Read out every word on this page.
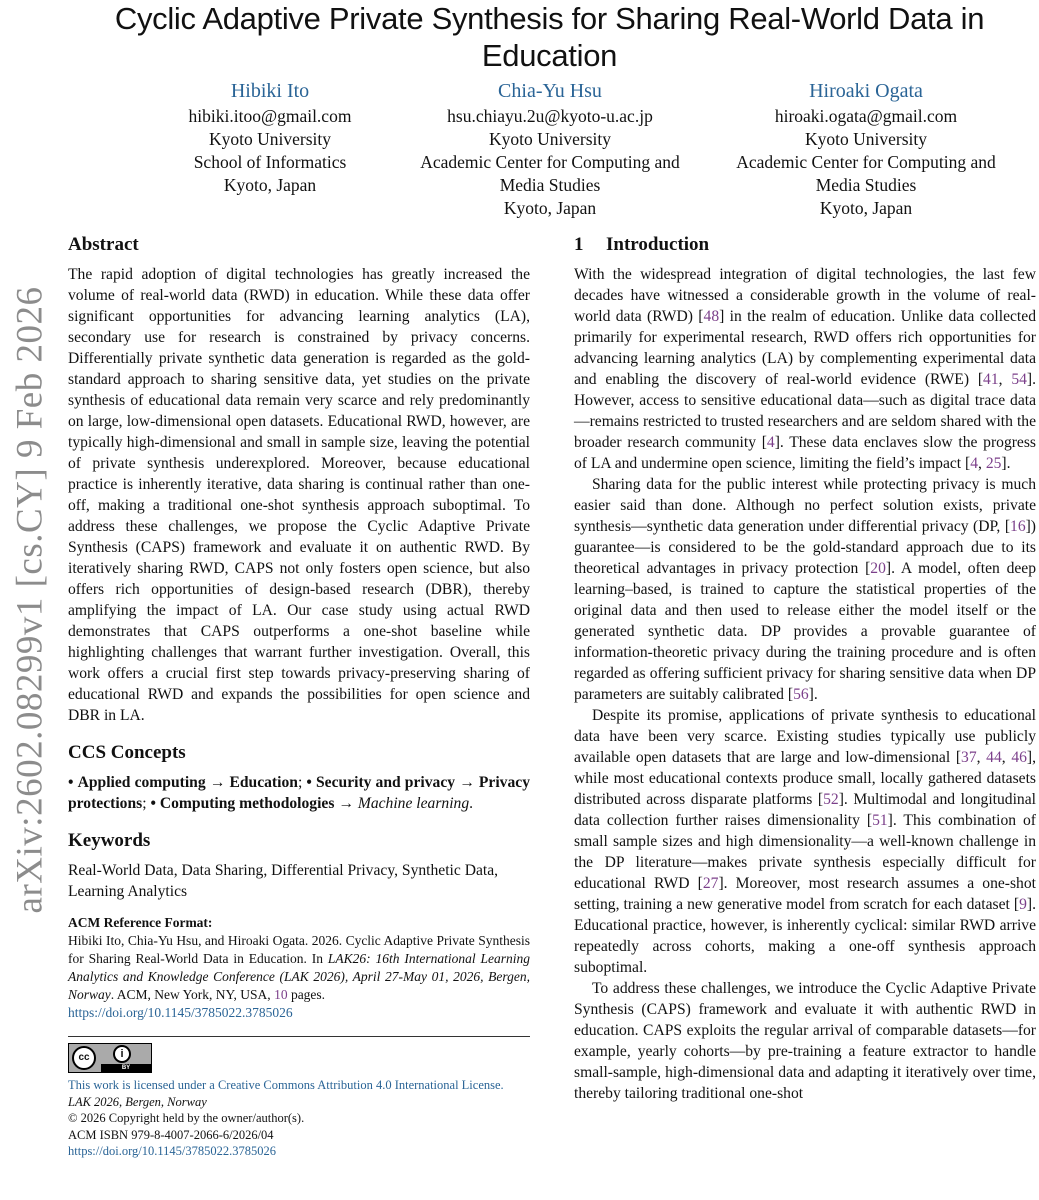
arXiv:2602.08299v1 [cs.CY] 9 Feb 2026
Cyclic Adaptive Private Synthesis for Sharing Real-World Data in Education
Hibiki Ito
hibiki.itoo@gmail.com
Kyoto University
School of Informatics
Kyoto, Japan
Chia-Yu Hsu
hsu.chiayu.2u@kyoto-u.ac.jp
Kyoto University
Academic Center for Computing and
Media Studies
Kyoto, Japan
Hiroaki Ogata
hiroaki.ogata@gmail.com
Kyoto University
Academic Center for Computing and
Media Studies
Kyoto, Japan
Abstract

The rapid adoption of digital technologies has greatly increased the volume of real-world data (RWD) in education. While these data offer significant opportunities for advancing learning analytics (LA), secondary use for research is constrained by privacy concerns. Differentially private synthetic data generation is regarded as the gold-standard approach to sharing sensitive data, yet studies on the private synthesis of educational data remain very scarce and rely predominantly on large, low-dimensional open datasets. Educational RWD, however, are typically high-dimensional and small in sample size, leaving the potential of private synthesis underexplored. Moreover, because educational practice is inherently iterative, data sharing is continual rather than one-off, making a traditional one-shot synthesis approach suboptimal. To address these challenges, we propose the Cyclic Adaptive Private Synthesis (CAPS) framework and evaluate it on authentic RWD. By iteratively sharing RWD, CAPS not only fosters open science, but also offers rich opportunities of design-based research (DBR), thereby amplifying the impact of LA. Our case study using actual RWD demonstrates that CAPS outperforms a one-shot baseline while highlighting challenges that warrant further investigation. Overall, this work offers a crucial first step towards privacy-preserving sharing of educational RWD and expands the possibilities for open science and DBR in LA.

CCS Concepts

• Applied computing → Education; • Security and privacy → Privacy protections; • Computing methodologies → Machine learning.

Keywords

Real-World Data, Data Sharing, Differential Privacy, Synthetic Data, Learning Analytics

ACM Reference Format:
Hibiki Ito, Chia-Yu Hsu, and Hiroaki Ogata. 2026. Cyclic Adaptive Private Synthesis for Sharing Real-World Data in Education. In LAK26: 16th International Learning Analytics and Knowledge Conference (LAK 2026), April 27-May 01, 2026, Bergen, Norway. ACM, New York, NY, USA, 10 pages.
https://doi.org/10.1145/3785022.3785026

cc	i
BY

This work is licensed under a Creative Commons Attribution 4.0 International License.
LAK 2026, Bergen, Norway
© 2026 Copyright held by the owner/author(s).
ACM ISBN 979-8-4007-2066-6/2026/04
https://doi.org/10.1145/3785022.3785026

1 Introduction

With the widespread integration of digital technologies, the last few decades have witnessed a considerable growth in the volume of real-world data (RWD) [48] in the realm of education. Unlike data collected primarily for experimental research, RWD offers rich opportunities for advancing learning analytics (LA) by complementing experimental data and enabling the discovery of real-world evidence (RWE) [41, 54]. However, access to sensitive educational data—such as digital trace data—remains restricted to trusted researchers and are seldom shared with the broader research community [4]. These data enclaves slow the progress of LA and undermine open science, limiting the field’s impact [4, 25].

Sharing data for the public interest while protecting privacy is much easier said than done. Although no perfect solution exists, private synthesis—synthetic data generation under differential privacy (DP, [16]) guarantee—is considered to be the gold-standard approach due to its theoretical advantages in privacy protection [20]. A model, often deep learning–based, is trained to capture the statistical properties of the original data and then used to release either the model itself or the generated synthetic data. DP provides a provable guarantee of information-theoretic privacy during the training procedure and is often regarded as offering sufficient privacy for sharing sensitive data when DP parameters are suitably calibrated [56].

Despite its promise, applications of private synthesis to educational data have been very scarce. Existing studies typically use publicly available open datasets that are large and low-dimensional [37, 44, 46], while most educational contexts produce small, locally gathered datasets distributed across disparate platforms [52]. Multimodal and longitudinal data collection further raises dimensionality [51]. This combination of small sample sizes and high dimensionality—a well-known challenge in the DP literature—makes private synthesis especially difficult for educational RWD [27]. Moreover, most research assumes a one-shot setting, training a new generative model from scratch for each dataset [9]. Educational practice, however, is inherently cyclical: similar RWD arrive repeatedly across cohorts, making a one-off synthesis approach suboptimal.

To address these challenges, we introduce the Cyclic Adaptive Private Synthesis (CAPS) framework and evaluate it with authentic RWD in education. CAPS exploits the regular arrival of comparable datasets—for example, yearly cohorts—by pre-training a feature extractor to handle small-sample, high-dimensional data and adapting it iteratively over time, thereby tailoring traditional one-shot
